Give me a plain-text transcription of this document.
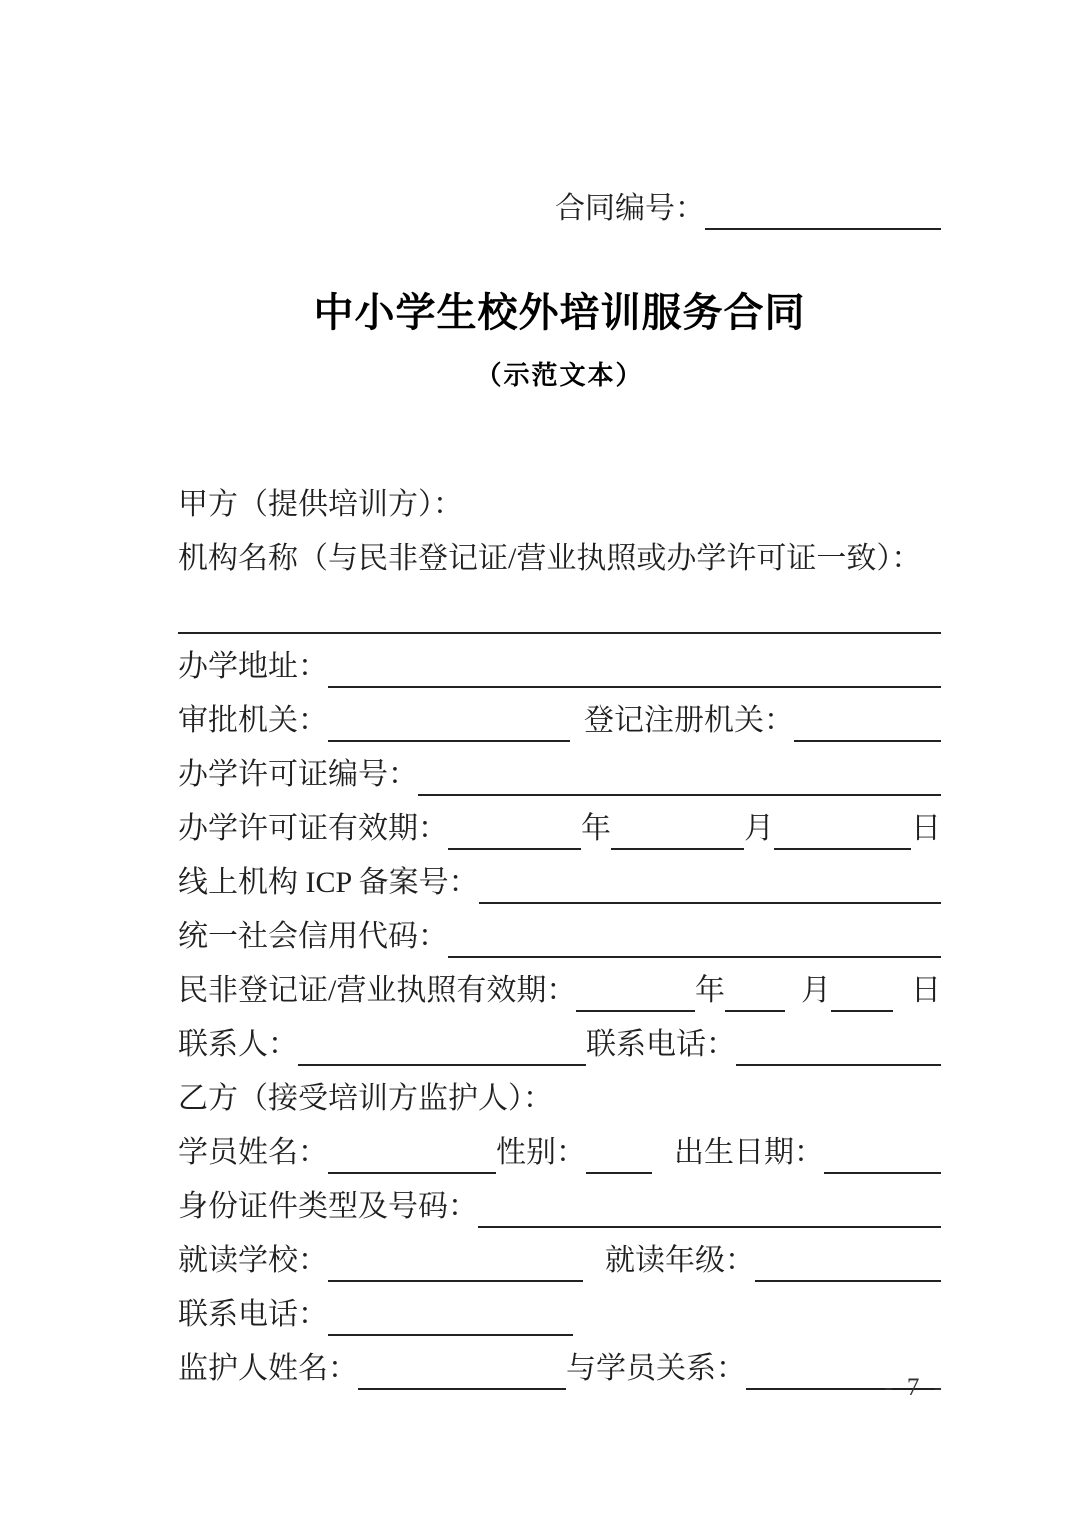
合同编号：
中小学生校外培训服务合同
（示范文本）
甲方（提供培训方）：
机构名称（与民非登记证/营业执照或办学许可证一致）：
办学地址：
审批机关：	登记注册机关：
办学许可证编号：
办学许可证有效期：	年	月	日
线上机构 ICP 备案号：
统一社会信用代码：
民非登记证/营业执照有效期：	年	月	日
联系人：	联系电话：
乙方（接受培训方监护人）：
学员姓名：	性别：	出生日期：
身份证件类型及号码：
就读学校：	就读年级：
联系电话：
监护人姓名：	与学员关系：
- 7 -
